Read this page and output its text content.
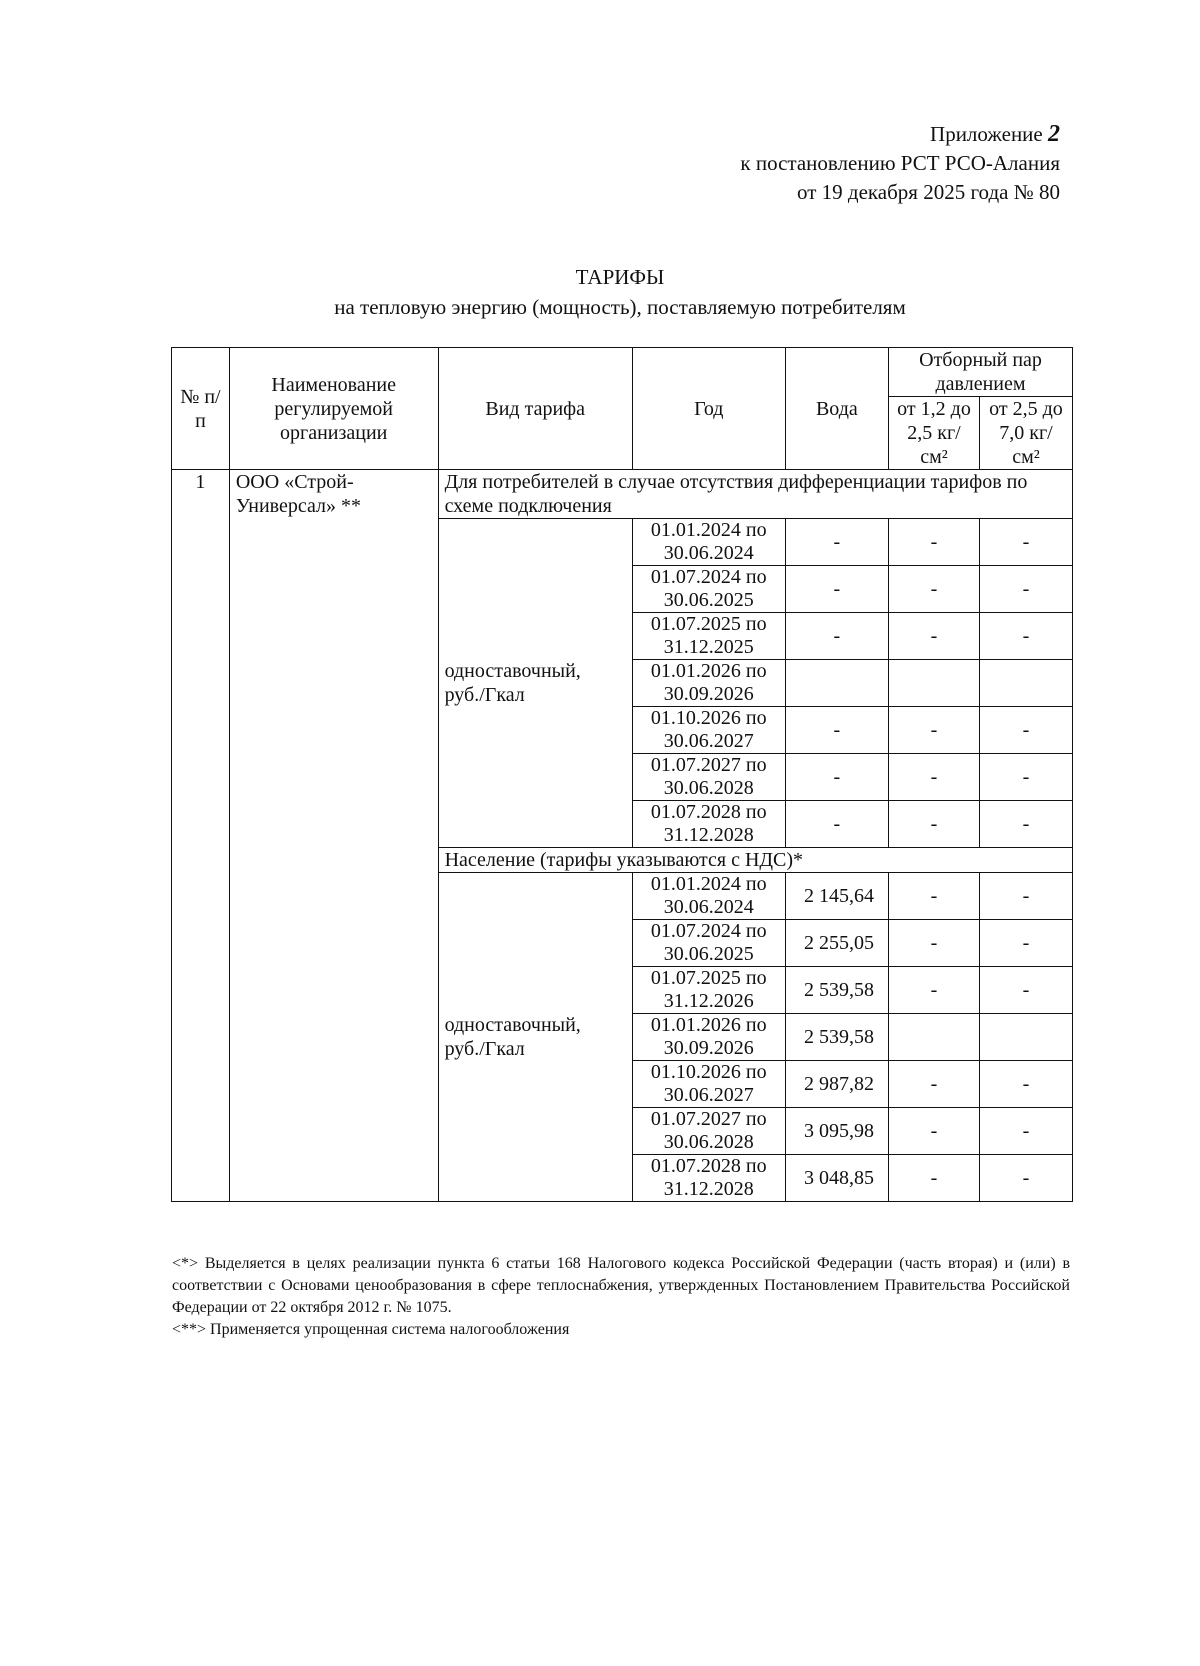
Приложение 2
к постановлению РСТ РСО-Алания
от 19 декабря 2025 года № 80
ТАРИФЫ
на тепловую энергию (мощность), поставляемую потребителям
№ п/п	Наименование регулируемой организации	Вид тарифа	Год	Вода	Отборный пар давлением	
					от 1,2 до 2,5 кг/см²	от 2,5 до 7,0 кг/см²
1	ООО «Строй-Универсал» **	Для потребителей в случае отсутствия дифференциации тарифов по схеме подключения				
		одноставочный, руб./Гкал	01.01.2024 по
30.06.2024	-	-	-
			01.07.2024 по
30.06.2025	-	-	-
			01.07.2025 по
31.12.2025	-	-	-
			01.01.2026 по
30.09.2026			
			01.10.2026 по
30.06.2027	-	-	-
			01.07.2027 по
30.06.2028	-	-	-
			01.07.2028 по
31.12.2028	-	-	-
		Население (тарифы указываются с НДС)*				
		одноставочный, руб./Гкал	01.01.2024 по
30.06.2024	2 145,64	-	-
			01.07.2024 по
30.06.2025	2 255,05	-	-
			01.07.2025 по
31.12.2026	2 539,58	-	-
			01.01.2026 по
30.09.2026	2 539,58		
			01.10.2026 по
30.06.2027	2 987,82	-	-
			01.07.2027 по
30.06.2028	3 095,98	-	-
			01.07.2028 по
31.12.2028	3 048,85	-	-

<*> Выделяется в целях реализации пункта 6 статьи 168 Налогового кодекса Российской Федерации (часть вторая) и (или) в соответствии с Основами ценообразования в сфере теплоснабжения, утвержденных Постановлением Правительства Российской Федерации от 22 октября 2012 г. № 1075.

<**> Применяется упрощенная система налогообложения
